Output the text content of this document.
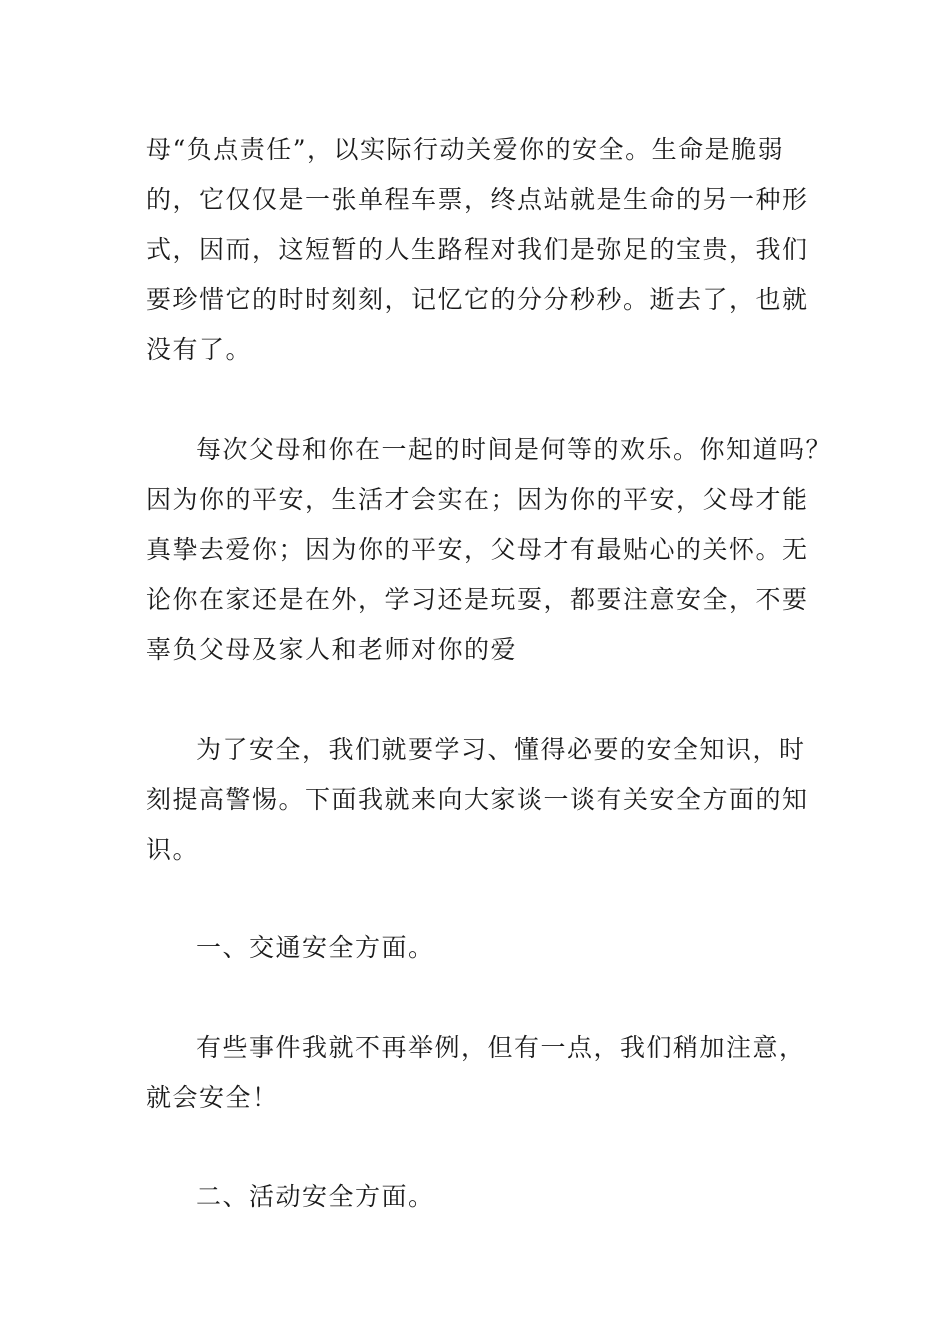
母“负点责任”，以实际行动关爱你的安全。生命是脆弱
的，它仅仅是一张单程车票，终点站就是生命的另一种形
式，因而，这短暂的人生路程对我们是弥足的宝贵，我们
要珍惜它的时时刻刻，记忆它的分分秒秒。逝去了，也就
没有了。
每次父母和你在一起的时间是何等的欢乐。你知道吗？
因为你的平安，生活才会实在；因为你的平安，父母才能
真挚去爱你；因为你的平安，父母才有最贴心的关怀。无
论你在家还是在外，学习还是玩耍，都要注意安全，不要
辜负父母及家人和老师对你的爱
为了安全，我们就要学习、懂得必要的安全知识，时
刻提高警惕。下面我就来向大家谈一谈有关安全方面的知
识。
一、交通安全方面。
有些事件我就不再举例，但有一点，我们稍加注意，
就会安全！
二、活动安全方面。
